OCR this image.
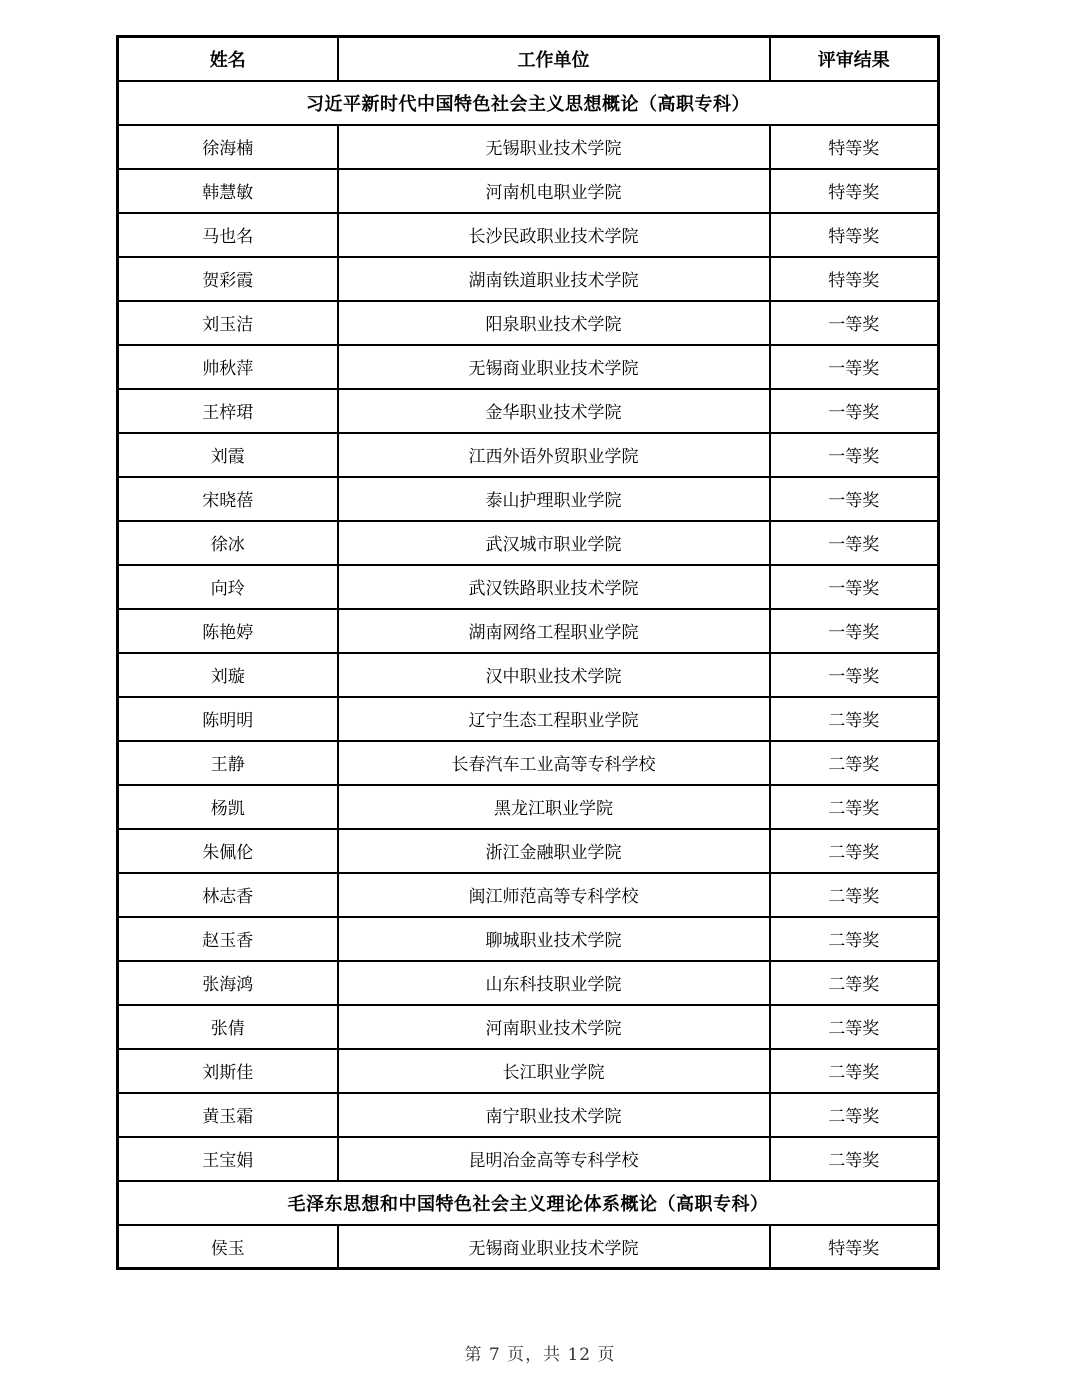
姓名	工作单位	评审结果
习近平新时代中国特色社会主义思想概论（高职专科）		
徐海楠	无锡职业技术学院	特等奖
韩慧敏	河南机电职业学院	特等奖
马也名	长沙民政职业技术学院	特等奖
贺彩霞	湖南铁道职业技术学院	特等奖
刘玉洁	阳泉职业技术学院	一等奖
帅秋萍	无锡商业职业技术学院	一等奖
王梓珺	金华职业技术学院	一等奖
刘霞	江西外语外贸职业学院	一等奖
宋晓蓓	泰山护理职业学院	一等奖
徐冰	武汉城市职业学院	一等奖
向玲	武汉铁路职业技术学院	一等奖
陈艳婷	湖南网络工程职业学院	一等奖
刘璇	汉中职业技术学院	一等奖
陈明明	辽宁生态工程职业学院	二等奖
王静	长春汽车工业高等专科学校	二等奖
杨凯	黑龙江职业学院	二等奖
朱佩伦	浙江金融职业学院	二等奖
林志香	闽江师范高等专科学校	二等奖
赵玉香	聊城职业技术学院	二等奖
张海鸿	山东科技职业学院	二等奖
张倩	河南职业技术学院	二等奖
刘斯佳	长江职业学院	二等奖
黄玉霜	南宁职业技术学院	二等奖
王宝娟	昆明冶金高等专科学校	二等奖
毛泽东思想和中国特色社会主义理论体系概论（高职专科）		
侯玉	无锡商业职业技术学院	特等奖
第 7 页，共 12 页
